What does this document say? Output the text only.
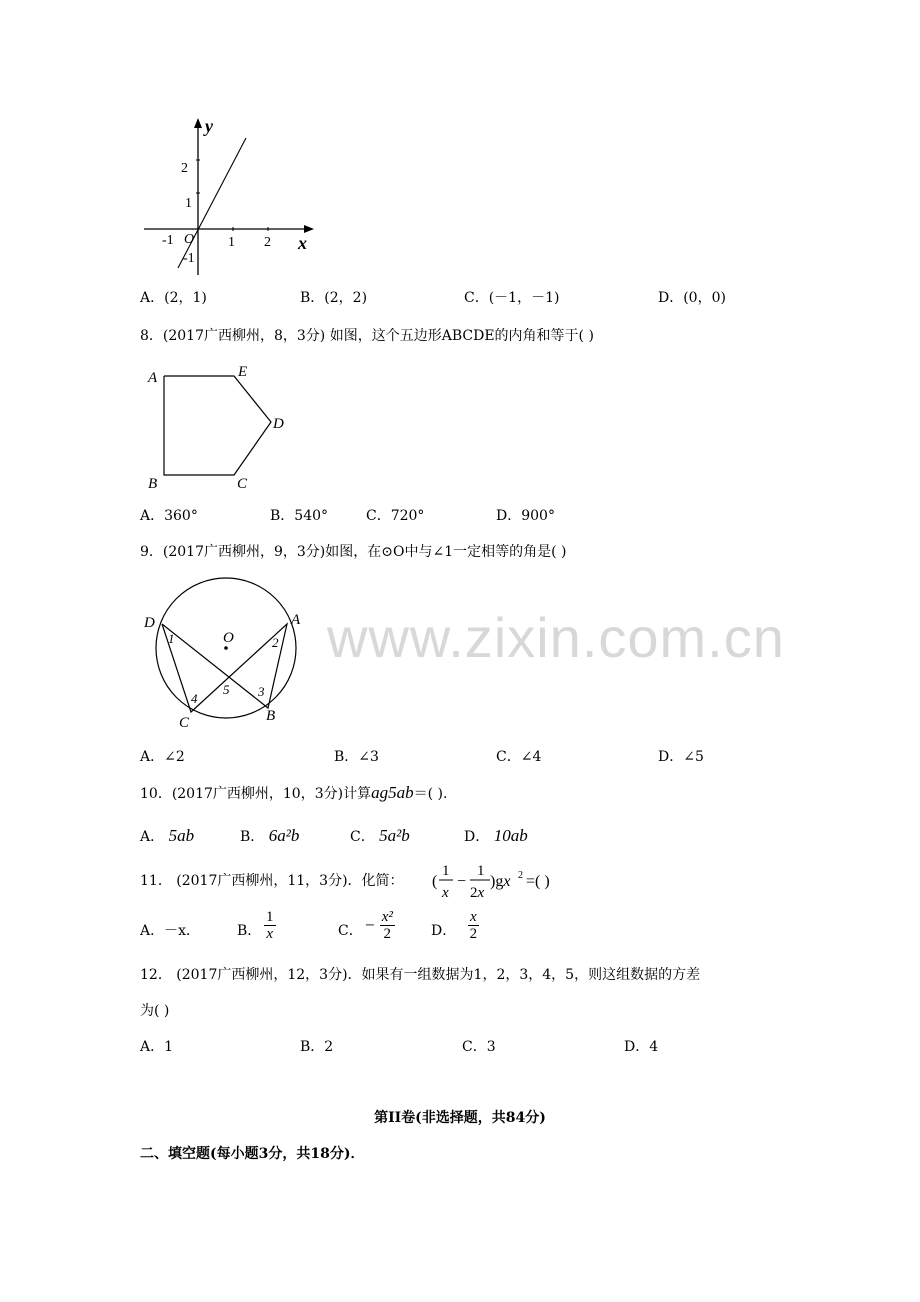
www.zixin.com.cn
y
x
O
2
1
-1
-1	1 2
A．(2，1)	B．(2，2)	C．(－1，－1)	D．(0，0)
8．(2017广西柳州，8，3分) 如图，这个五边形ABCDE的内角和等于( )
A	E
D
B	C
A．360°	B．540°	C．720°	D．900°
9．(2017广西柳州，9，3分)如图，在⊙O中与∠1一定相等的角是( )
D	A
O
C	B
1	2
3
4
5
A．∠2	B．∠3	C．∠4	D．∠5
10．(2017广西柳州，10，3分)计算ag5ab＝( ).
A． 5ab	B． 6a²b	C． 5a²b	D． 10ab
11． (2017广西柳州，11，3分)．化简： (
1
x
−
1
2x
)gx 2 =( )
A．－x．	B． $\frac{1}{x}$	C． − $\frac{\text{x²}}{2}$	D． $\frac{x}{2}$
12． (2017广西柳州，12，3分)．如果有一组数据为1，2，3，4，5，则这组数据的方差
为( )
A．1	B．2	C．3	D．4
第II卷(非选择题，共84分)
二、填空题(每小题3分，共18分)．
